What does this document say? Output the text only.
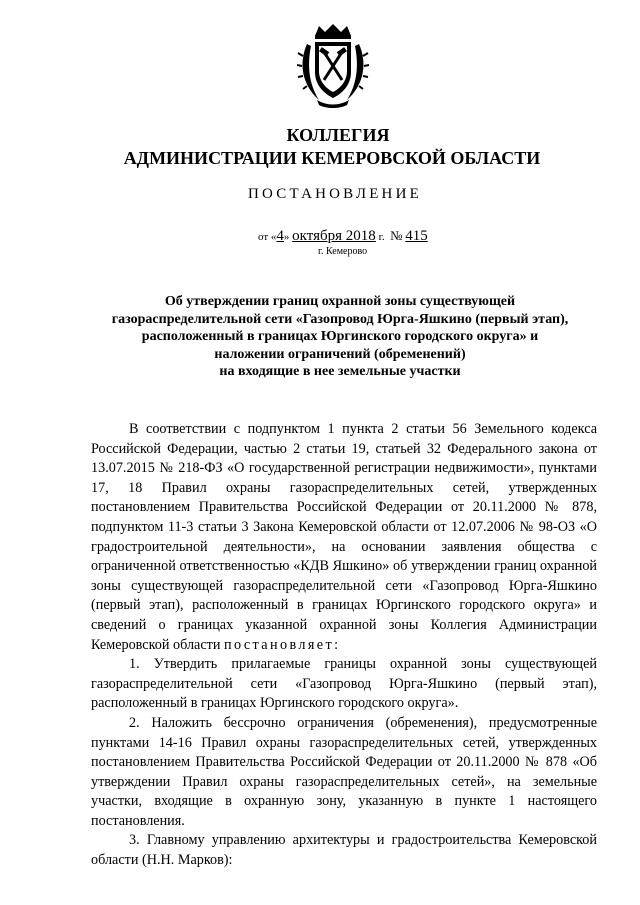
КОЛЛЕГИЯ
АДМИНИСТРАЦИИ КЕМЕРОВСКОЙ ОБЛАСТИ
ПОСТАНОВЛЕНИЕ
от «4» октября 2018 г. № 415
г. Кемерово
Об утверждении границ охранной зоны существующей
газораспределительной сети «Газопровод Юрга-Яшкино (первый этап),
расположенный в границах Юргинского городского округа» и
наложении ограничений (обременений)
на входящие в нее земельные участки

В соответствии с подпунктом 1 пункта 2 статьи 56 Земельного кодекса Российской Федерации, частью 2 статьи 19, статьей 32 Федерального закона от 13.07.2015 № 218-ФЗ «О государственной регистрации недвижимости», пунктами 17, 18 Правил охраны газораспределительных сетей, утвержденных постановлением Правительства Российской Федерации от 20.11.2000 № 878, подпунктом 11-3 статьи 3 Закона Кемеровской области от 12.07.2006 № 98-ОЗ «О градостроительной деятельности», на основании заявления общества с ограниченной ответственностью «КДВ Яшкино» об утверждении границ охранной зоны существующей газораспределительной сети «Газопровод Юрга-Яшкино (первый этап), расположенный в границах Юргинского городского округа» и сведений о границах указанной охранной зоны Коллегия Администрации Кемеровской области постановляет:

1. Утвердить прилагаемые границы охранной зоны существующей газораспределительной сети «Газопровод Юрга-Яшкино (первый этап), расположенный в границах Юргинского городского округа».

2. Наложить бессрочно ограничения (обременения), предусмотренные пунктами 14-16 Правил охраны газораспределительных сетей, утвержденных постановлением Правительства Российской Федерации от 20.11.2000 № 878 «Об утверждении Правил охраны газораспределительных сетей», на земельные участки, входящие в охранную зону, указанную в пункте 1 настоящего постановления.

3. Главному управлению архитектуры и градостроительства Кемеровской области (Н.Н. Марков):
